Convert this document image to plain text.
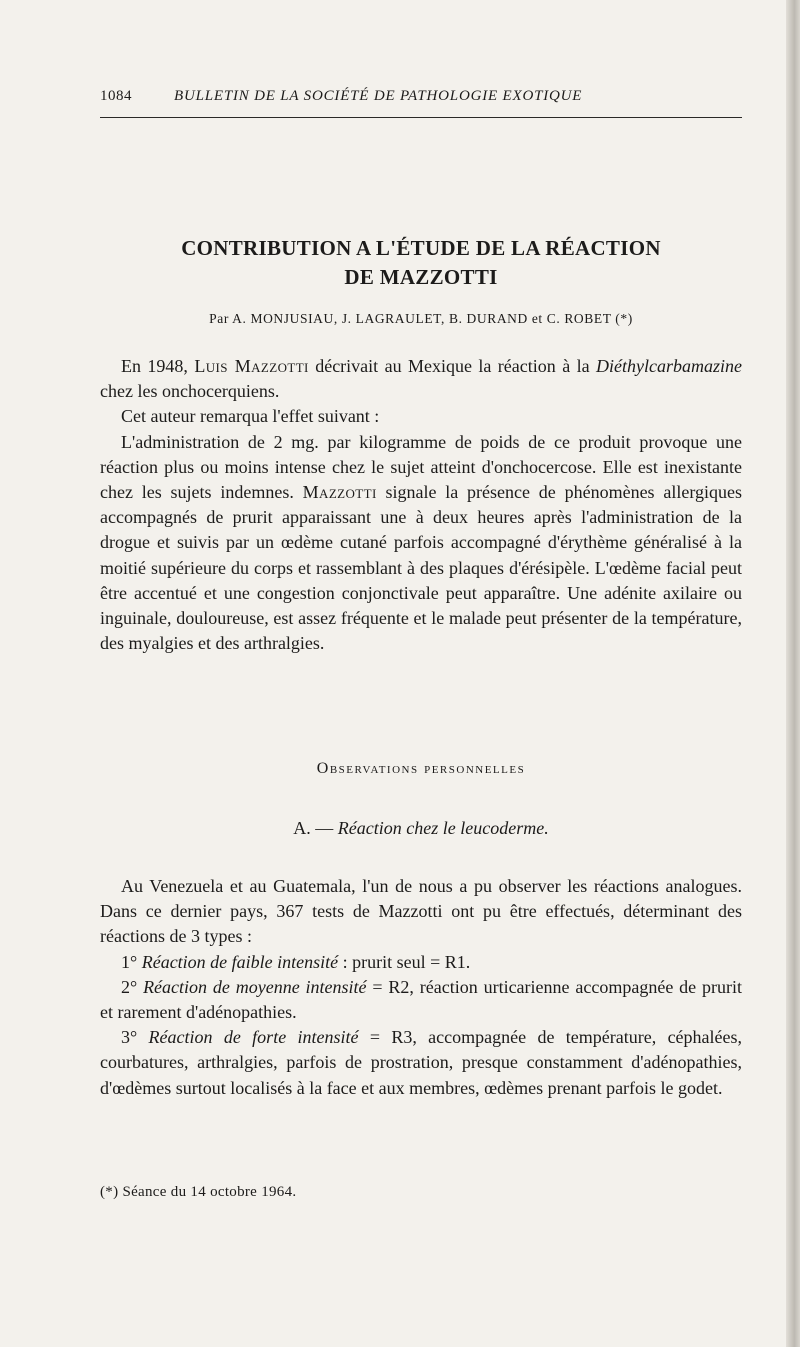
1084	BULLETIN DE LA SOCIÉTÉ DE PATHOLOGIE EXOTIQUE
CONTRIBUTION A L'ÉTUDE DE LA RÉACTION
DE MAZZOTTI
Par A. MONJUSIAU, J. LAGRAULET, B. DURAND et C. ROBET (*)

En 1948, Luis Mazzotti décrivait au Mexique la réaction à la Diéthylcarbamazine chez les onchocerquiens.

Cet auteur remarqua l'effet suivant :

L'administration de 2 mg. par kilogramme de poids de ce produit provoque une réaction plus ou moins intense chez le sujet atteint d'onchocercose. Elle est inexistante chez les sujets indemnes. Mazzotti signale la présence de phénomènes allergiques accompagnés de prurit apparaissant une à deux heures après l'administration de la drogue et suivis par un œdème cutané parfois accompagné d'érythème généralisé à la moitié supérieure du corps et rassemblant à des plaques d'érésipèle. L'œdème facial peut être accentué et une congestion conjonctivale peut apparaître. Une adénite axilaire ou inguinale, douloureuse, est assez fréquente et le malade peut présenter de la température, des myalgies et des arthralgies.

Observations personnelles
A. — Réaction chez le leucoderme.

Au Venezuela et au Guatemala, l'un de nous a pu observer les réactions analogues. Dans ce dernier pays, 367 tests de Mazzotti ont pu être effectués, déterminant des réactions de 3 types :

1° Réaction de faible intensité : prurit seul = R1.

2° Réaction de moyenne intensité = R2, réaction urticarienne accompagnée de prurit et rarement d'adénopathies.

3° Réaction de forte intensité = R3, accompagnée de température, céphalées, courbatures, arthralgies, parfois de prostration, presque constamment d'adénopathies, d'œdèmes surtout localisés à la face et aux membres, œdèmes prenant parfois le godet.

(*) Séance du 14 octobre 1964.
